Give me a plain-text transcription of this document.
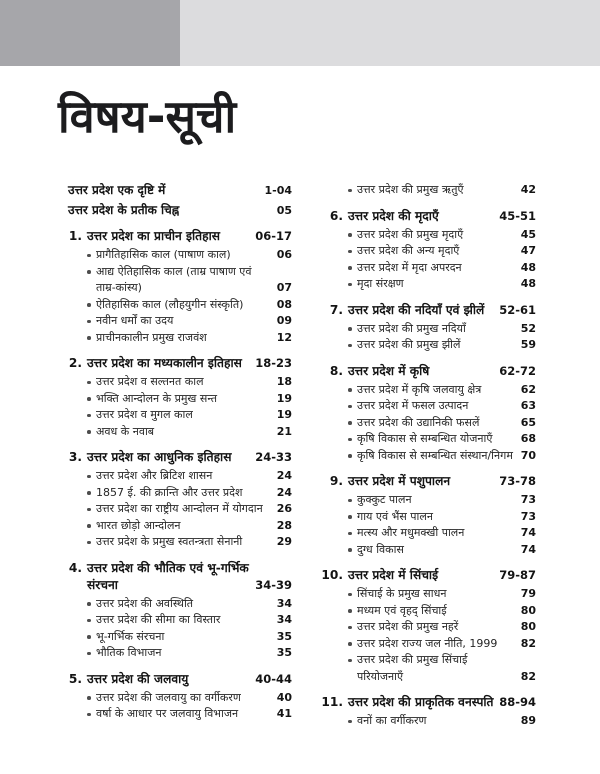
विषय-सूची
उत्तर प्रदेश एक दृष्टि में	1-04
उत्तर प्रदेश के प्रतीक चिह्न	05
1. उत्तर प्रदेश का प्राचीन इतिहास	06-17
प्रागैतिहासिक काल (पाषाण काल)	06
आद्य ऐतिहासिक काल (ताम्र पाषाण एवं ताम्र-कांस्य)	07
ऐतिहासिक काल (लौहयुगीन संस्कृति)	08
नवीन धर्मों का उदय	09
प्राचीनकालीन प्रमुख राजवंश	12
2. उत्तर प्रदेश का मध्यकालीन इतिहास	18-23
उत्तर प्रदेश व सल्तनत काल	18
भक्ति आन्दोलन के प्रमुख सन्त	19
उत्तर प्रदेश व मुगल काल	19
अवध के नवाब	21
3. उत्तर प्रदेश का आधुनिक इतिहास	24-33
उत्तर प्रदेश और ब्रिटिश शासन	24
1857 ई. की क्रान्ति और उत्तर प्रदेश	24
उत्तर प्रदेश का राष्ट्रीय आन्दोलन में योगदान	26
भारत छोड़ो आन्दोलन	28
उत्तर प्रदेश के प्रमुख स्वतन्त्रता सेनानी	29
4. उत्तर प्रदेश की भौतिक एवं भू-गर्भिक संरचना	34-39
उत्तर प्रदेश की अवस्थिति	34
उत्तर प्रदेश की सीमा का विस्तार	34
भू-गर्भिक संरचना	35
भौतिक विभाजन	35
5. उत्तर प्रदेश की जलवायु	40-44
उत्तर प्रदेश की जलवायु का वर्गीकरण	40
वर्षा के आधार पर जलवायु विभाजन	41
उत्तर प्रदेश की प्रमुख ऋतुएँ	42
6. उत्तर प्रदेश की मृदाएँ	45-51
उत्तर प्रदेश की प्रमुख मृदाएँ	45
उत्तर प्रदेश की अन्य मृदाएँ	47
उत्तर प्रदेश में मृदा अपरदन	48
मृदा संरक्षण	48
7. उत्तर प्रदेश की नदियाँ एवं झीलें	52-61
उत्तर प्रदेश की प्रमुख नदियाँ	52
उत्तर प्रदेश की प्रमुख झीलें	59
8. उत्तर प्रदेश में कृषि	62-72
उत्तर प्रदेश में कृषि जलवायु क्षेत्र	62
उत्तर प्रदेश में फसल उत्पादन	63
उत्तर प्रदेश की उद्यानिकी फसलें	65
कृषि विकास से सम्बन्धित योजनाएँ	68
कृषि विकास से सम्बन्धित संस्थान/निगम 70
9. उत्तर प्रदेश में पशुपालन	73-78
कुक्कुट पालन	73
गाय एवं भैंस पालन	73
मत्स्य और मधुमक्खी पालन	74
दुग्ध विकास	74
10. उत्तर प्रदेश में सिंचाई	79-87
सिंचाई के प्रमुख साधन	79
मध्यम एवं वृहद् सिंचाई	80
उत्तर प्रदेश की प्रमुख नहरें	80
उत्तर प्रदेश राज्य जल नीति, 1999	82
उत्तर प्रदेश की प्रमुख सिंचाई परियोजनाएँ	82
11. उत्तर प्रदेश की प्राकृतिक वनस्पति 88-94
वनों का वर्गीकरण	89
